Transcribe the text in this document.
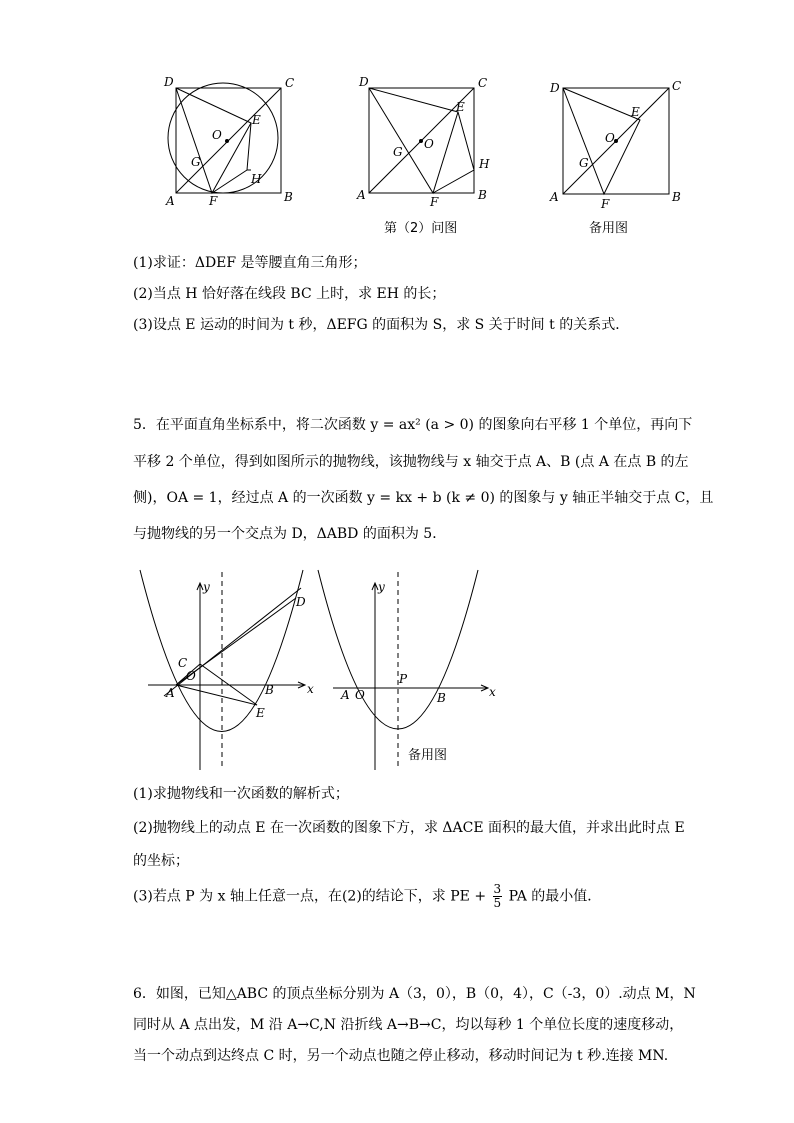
D	C
A	B
E
F
G
H
O
D	C
A	B
E
F
G
H
O
第（2）问图
D	C
A	B
E
F
G
O
备用图
(1)求证：ΔDEF 是等腰直角三角形；
(2)当点 H 恰好落在线段 BC 上时，求 EH 的长；
(3)设点 E 运动的时间为 t 秒，ΔEFG 的面积为 S，求 S 关于时间 t 的关系式．
5．在平面直角坐标系中，将二次函数 y = ax² (a > 0) 的图象向右平移 1 个单位，再向下
平移 2 个单位，得到如图所示的抛物线，该抛物线与 x 轴交于点 A、B (点 A 在点 B 的左
侧)，OA = 1，经过点 A 的一次函数 y = kx + b (k ≠ 0) 的图象与 y 轴正半轴交于点 C，且
与抛物线的另一个交点为 D，ΔABD 的面积为 5．
y
x
C
O
A	B
E
D
y
x
A O
P
B
备用图
(1)求抛物线和一次函数的解析式；
(2)抛物线上的动点 E 在一次函数的图象下方，求 ΔACE 面积的最大值，并求出此时点 E
的坐标；
(3)若点 P 为 x 轴上任意一点，在(2)的结论下，求 PE + $\frac{3}{5}$ PA 的最小值．
6．如图，已知△ABC 的顶点坐标分别为 A（3，0），B（0，4），C（-3，0）.动点 M，N
同时从 A 点出发，M 沿 A→C,N 沿折线 A→B→C，均以每秒 1 个单位长度的速度移动，
当一个动点到达终点 C 时，另一个动点也随之停止移动，移动时间记为 t 秒.连接 MN.
